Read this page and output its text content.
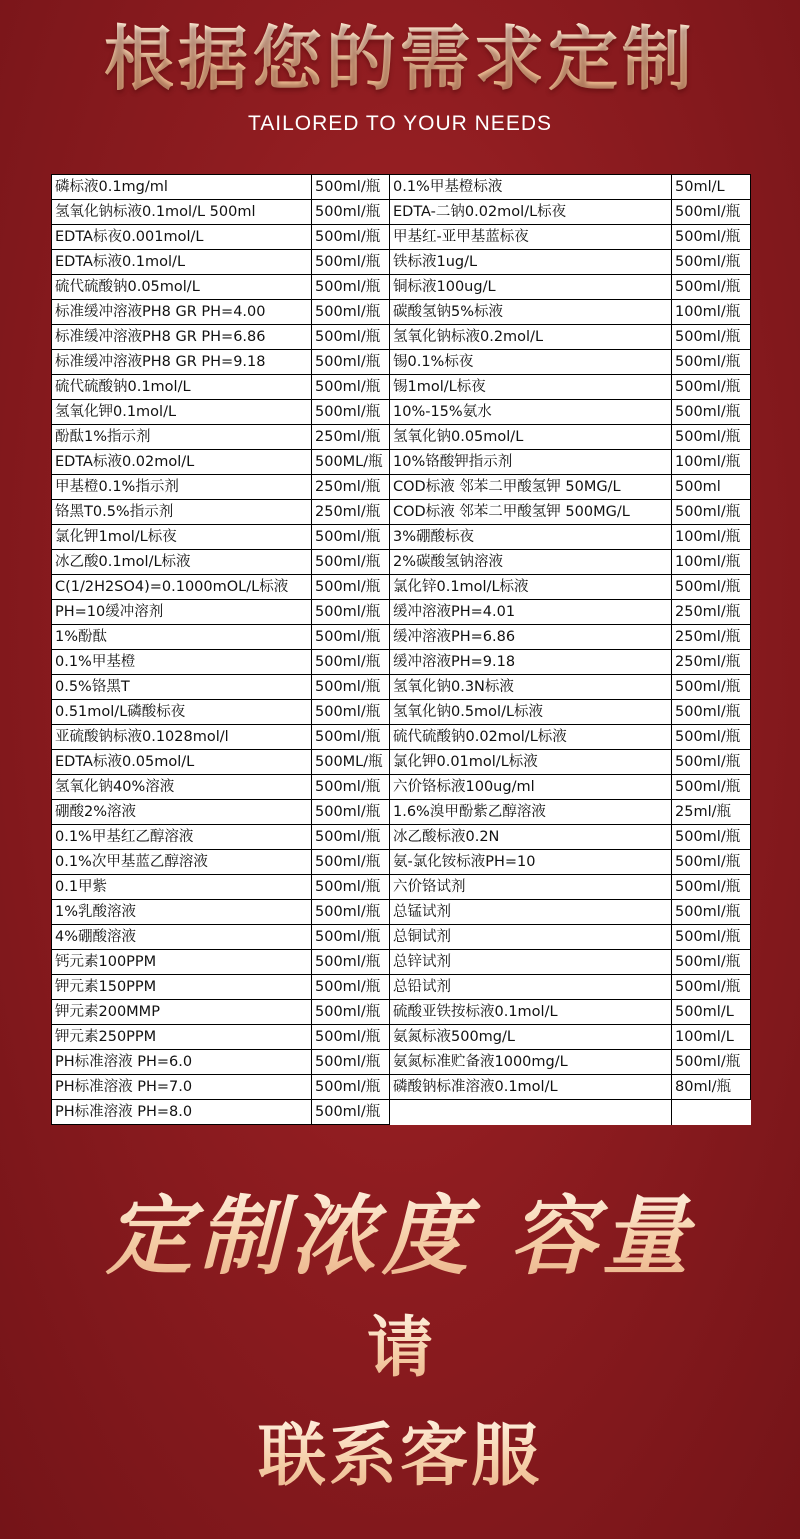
根据您的需求定制
TAILORED TO YOUR NEEDS
磷标液0.1mg/ml	500ml/瓶	0.1%甲基橙标液	50ml/L
氢氧化钠标液0.1mol/L 500ml	500ml/瓶	EDTA-二钠0.02mol/L标夜	500ml/瓶
EDTA标夜0.001mol/L	500ml/瓶	甲基红-亚甲基蓝标夜	500ml/瓶
EDTA标液0.1mol/L	500ml/瓶	铁标液1ug/L	500ml/瓶
硫代硫酸钠0.05mol/L	500ml/瓶	铜标液100ug/L	500ml/瓶
标准缓冲溶液PH8 GR PH=4.00	500ml/瓶	碳酸氢钠5%标液	100ml/瓶
标准缓冲溶液PH8 GR PH=6.86	500ml/瓶	氢氧化钠标液0.2mol/L	500ml/瓶
标准缓冲溶液PH8 GR PH=9.18	500ml/瓶	锡0.1%标夜	500ml/瓶
硫代硫酸钠0.1mol/L	500ml/瓶	锡1mol/L标夜	500ml/瓶
氢氧化钾0.1mol/L	500ml/瓶	10%-15%氨水	500ml/瓶
酚酞1%指示剂	250ml/瓶	氢氧化钠0.05mol/L	500ml/瓶
EDTA标液0.02mol/L	500ML/瓶	10%铬酸钾指示剂	100ml/瓶
甲基橙0.1%指示剂	250ml/瓶	COD标液 邻苯二甲酸氢钾 50MG/L	500ml
铬黑T0.5%指示剂	250ml/瓶	COD标液 邻苯二甲酸氢钾 500MG/L	500ml/瓶
氯化钾1mol/L标夜	500ml/瓶	3%硼酸标夜	100ml/瓶
冰乙酸0.1mol/L标液	500ml/瓶	2%碳酸氢钠溶液	100ml/瓶
C(1/2H2SO4)=0.1000mOL/L标液	500ml/瓶	氯化锌0.1mol/L标液	500ml/瓶
PH=10缓冲溶剂	500ml/瓶	缓冲溶液PH=4.01	250ml/瓶
1%酚酞	500ml/瓶	缓冲溶液PH=6.86	250ml/瓶
0.1%甲基橙	500ml/瓶	缓冲溶液PH=9.18	250ml/瓶
0.5%铬黑T	500ml/瓶	氢氧化钠0.3N标液	500ml/瓶
0.51mol/L磷酸标夜	500ml/瓶	氢氧化钠0.5mol/L标液	500ml/瓶
亚硫酸钠标液0.1028mol/l	500ml/瓶	硫代硫酸钠0.02mol/L标液	500ml/瓶
EDTA标液0.05mol/L	500ML/瓶	氯化钾0.01mol/L标液	500ml/瓶
氢氧化钠40%溶液	500ml/瓶	六价铬标液100ug/ml	500ml/瓶
硼酸2%溶液	500ml/瓶	1.6%溴甲酚紫乙醇溶液	25ml/瓶
0.1%甲基红乙醇溶液	500ml/瓶	冰乙酸标液0.2N	500ml/瓶
0.1%次甲基蓝乙醇溶液	500ml/瓶	氨-氯化铵标液PH=10	500ml/瓶
0.1甲紫	500ml/瓶	六价铬试剂	500ml/瓶
1%乳酸溶液	500ml/瓶	总锰试剂	500ml/瓶
4%硼酸溶液	500ml/瓶	总铜试剂	500ml/瓶
钙元素100PPM	500ml/瓶	总锌试剂	500ml/瓶
钾元素150PPM	500ml/瓶	总铅试剂	500ml/瓶
钾元素200MMP	500ml/瓶	硫酸亚铁按标液0.1mol/L	500ml/L
钾元素250PPM	500ml/瓶	氨氮标液500mg/L	100ml/L
PH标准溶液 PH=6.0	500ml/瓶	氨氮标准贮备液1000mg/L	500ml/瓶
PH标准溶液 PH=7.0	500ml/瓶	磷酸钠标准溶液0.1mol/L	80ml/瓶
PH标准溶液 PH=8.0	500ml/瓶		
定制浓度 容量
请
联系客服
